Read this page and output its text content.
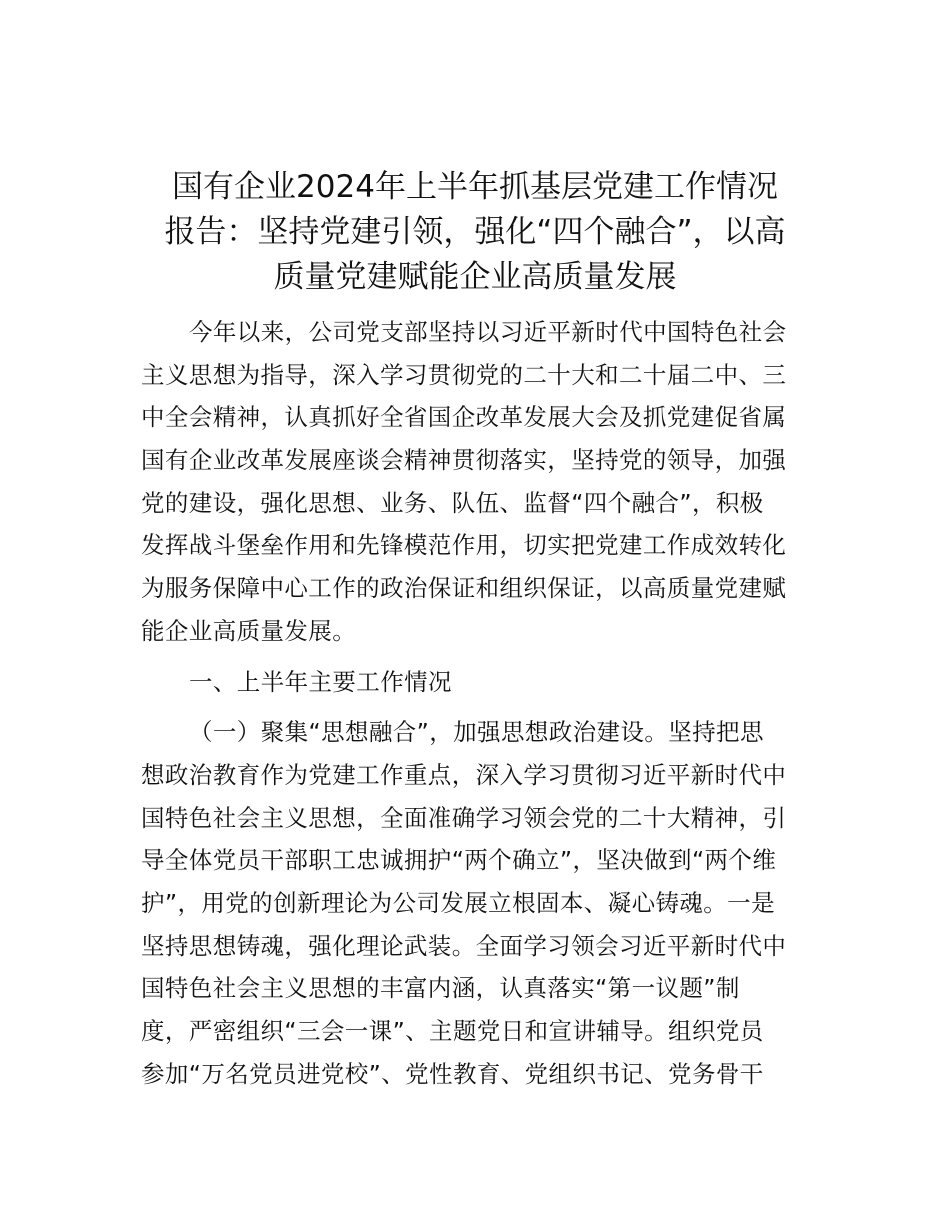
国有企业2024年上半年抓基层党建工作情况
报告：坚持党建引领，强化“四个融合”，以高
质量党建赋能企业高质量发展
今年以来，公司党支部坚持以习近平新时代中国特色社会
主义思想为指导，深入学习贯彻党的二十大和二十届二中、三
中全会精神，认真抓好全省国企改革发展大会及抓党建促省属
国有企业改革发展座谈会精神贯彻落实，坚持党的领导，加强
党的建设，强化思想、业务、队伍、监督“四个融合”，积极
发挥战斗堡垒作用和先锋模范作用，切实把党建工作成效转化
为服务保障中心工作的政治保证和组织保证，以高质量党建赋
能企业高质量发展。
一、上半年主要工作情况
（一）聚集“思想融合”，加强思想政治建设。坚持把思
想政治教育作为党建工作重点，深入学习贯彻习近平新时代中
国特色社会主义思想，全面准确学习领会党的二十大精神，引
导全体党员干部职工忠诚拥护“两个确立”，坚决做到“两个维
护”，用党的创新理论为公司发展立根固本、凝心铸魂。一是
坚持思想铸魂，强化理论武装。全面学习领会习近平新时代中
国特色社会主义思想的丰富内涵，认真落实“第一议题”制
度，严密组织“三会一课”、主题党日和宣讲辅导。组织党员
参加“万名党员进党校”、党性教育、党组织书记、党务骨干
